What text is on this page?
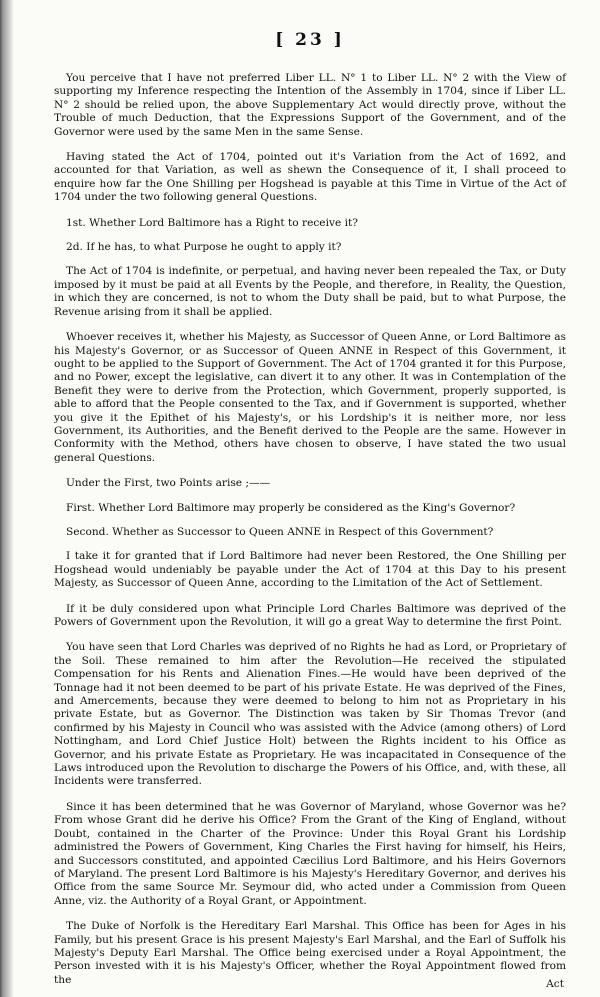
[ 23 ]

You perceive that I have not preferred Liber LL. N° 1 to Liber LL. N° 2 with the View of supporting my Inference respecting the Intention of the Assembly in 1704, since if Liber LL. N° 2 should be relied upon, the above Supplementary Act would directly prove, without the Trouble of much Deduction, that the Expressions Support of the Government, and of the Governor were used by the same Men in the same Sense.

Having stated the Act of 1704, pointed out it's Variation from the Act of 1692, and accounted for that Variation, as well as shewn the Consequence of it, I shall proceed to enquire how far the One Shilling per Hogshead is payable at this Time in Virtue of the Act of 1704 under the two following general Questions.

1st. Whether Lord Baltimore has a Right to receive it?

2d. If he has, to what Purpose he ought to apply it?

The Act of 1704 is indefinite, or perpetual, and having never been repealed the Tax, or Duty imposed by it must be paid at all Events by the People, and therefore, in Reality, the Question, in which they are concerned, is not to whom the Duty shall be paid, but to what Purpose, the Revenue arising from it shall be applied.

Whoever receives it, whether his Majesty, as Successor of Queen Anne, or Lord Baltimore as his Majesty's Governor, or as Successor of Queen ANNE in Respect of this Government, it ought to be applied to the Support of Government. The Act of 1704 granted it for this Purpose, and no Power, except the legislative, can divert it to any other. It was in Contemplation of the Benefit they were to derive from the Protection, which Government, properly supported, is able to afford that the People consented to the Tax, and if Government is supported, whether you give it the Epithet of his Majesty's, or his Lordship's it is neither more, nor less Government, its Authorities, and the Benefit derived to the People are the same. However in Conformity with the Method, others have chosen to observe, I have stated the two usual general Questions.

Under the First, two Points arise ;——

First. Whether Lord Baltimore may properly be considered as the King's Governor?

Second. Whether as Successor to Queen ANNE in Respect of this Government?

I take it for granted that if Lord Baltimore had never been Restored, the One Shilling per Hogshead would undeniably be payable under the Act of 1704 at this Day to his present Majesty, as Successor of Queen Anne, according to the Limitation of the Act of Settlement.

If it be duly considered upon what Principle Lord Charles Baltimore was deprived of the Powers of Government upon the Revolution, it will go a great Way to determine the first Point.

You have seen that Lord Charles was deprived of no Rights he had as Lord, or Proprietary of the Soil. These remained to him after the Revolution—He received the stipulated Compensation for his Rents and Alienation Fines.—He would have been deprived of the Tonnage had it not been deemed to be part of his private Estate. He was deprived of the Fines, and Amercements, because they were deemed to belong to him not as Proprietary in his private Estate, but as Governor. The Distinction was taken by Sir Thomas Trevor (and confirmed by his Majesty in Council who was assisted with the Advice (among others) of Lord Nottingham, and Lord Chief Justice Holt) between the Rights incident to his Office as Governor, and his private Estate as Proprietary. He was incapacitated in Consequence of the Laws introduced upon the Revolution to discharge the Powers of his Office, and, with these, all Incidents were transferred.

Since it has been determined that he was Governor of Maryland, whose Governor was he? From whose Grant did he derive his Office? From the Grant of the King of England, without Doubt, contained in the Charter of the Province: Under this Royal Grant his Lordship administred the Powers of Government, King Charles the First having for himself, his Heirs, and Successors constituted, and appointed Cæcilius Lord Baltimore, and his Heirs Governors of Maryland. The present Lord Baltimore is his Majesty's Hereditary Governor, and derives his Office from the same Source Mr. Seymour did, who acted under a Commission from Queen Anne, viz. the Authority of a Royal Grant, or Appointment.

The Duke of Norfolk is the Hereditary Earl Marshal. This Office has been for Ages in his Family, but his present Grace is his present Majesty's Earl Marshal, and the Earl of Suffolk his Majesty's Deputy Earl Marshal. The Office being exercised under a Royal Appointment, the Person invested with it is his Majesty's Officer, whether the Royal Appointment flowed from the	Act
